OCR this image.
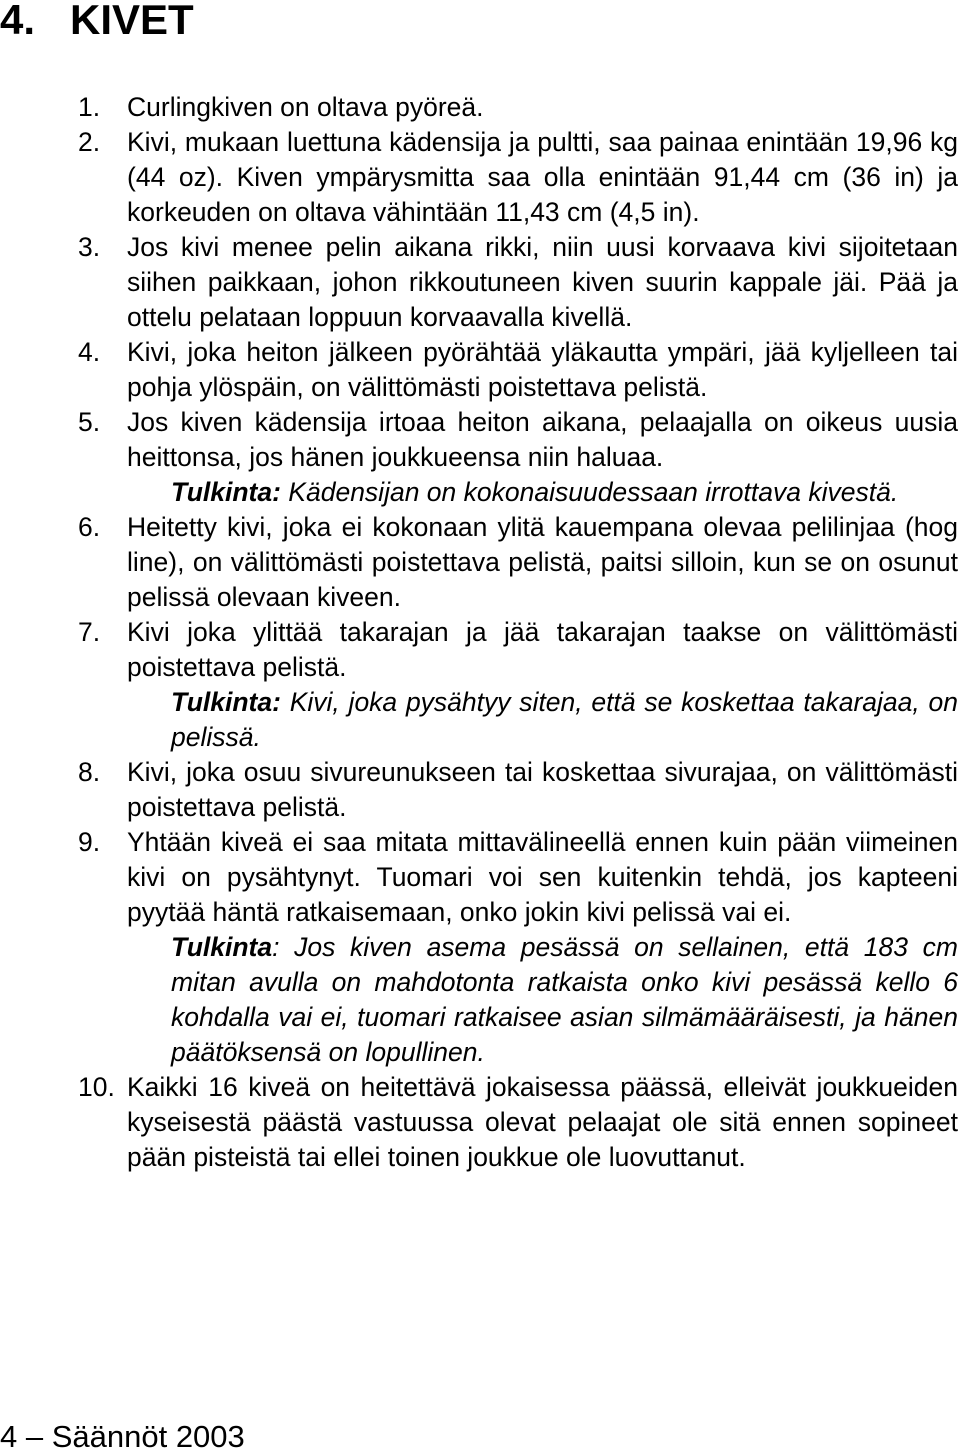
4.   KIVET
1. Curlingkiven on oltava pyöreä.

2. Kivi, mukaan luettuna kädensija ja pultti, saa painaa enintään 19,96 kg (44 oz). Kiven ympärysmitta saa olla enintään 91,44 cm (36 in) ja korkeuden on oltava vähintään 11,43 cm (4,5 in).

3. Jos kivi menee pelin aikana rikki, niin uusi korvaava kivi sijoitetaan siihen paikkaan, johon rikkoutuneen kiven suurin kappale jäi. Pää ja ottelu pelataan loppuun korvaavalla kivellä.

4. Kivi, joka heiton jälkeen pyörähtää yläkautta ympäri, jää kyljelleen tai pohja ylöspäin, on välittömästi poistettava pelistä.

5. Jos kiven kädensija irtoaa heiton aikana, pelaajalla on oikeus uusia heittonsa, jos hänen joukkueensa niin haluaa.

Tulkinta: Kädensijan on kokonaisuudessaan irrottava kivestä.

6. Heitetty kivi, joka ei kokonaan ylitä kauempana olevaa pelilinjaa (hog line), on välittömästi poistettava pelistä, paitsi silloin, kun se on osunut pelissä olevaan kiveen.

7. Kivi joka ylittää takarajan ja jää takarajan taakse on välittömästi poistettava pelistä.

Tulkinta: Kivi, joka pysähtyy siten, että se koskettaa takarajaa, on pelissä.

8. Kivi, joka osuu sivureunukseen tai koskettaa sivurajaa, on välittömästi poistettava pelistä.

9. Yhtään kiveä ei saa mitata mittavälineellä ennen kuin pään viimeinen kivi on pysähtynyt. Tuomari voi sen kuitenkin tehdä, jos kapteeni pyytää häntä ratkaisemaan, onko jokin kivi pelissä vai ei.

Tulkinta: Jos kiven asema pesässä on sellainen, että 183 cm mitan avulla on mahdotonta ratkaista onko kivi pesässä kello 6 kohdalla vai ei, tuomari ratkaisee asian silmämääräisesti, ja hänen päätöksensä on lopullinen.

10. Kaikki 16 kiveä on heitettävä jokaisessa päässä, elleivät joukkueiden kyseisestä päästä vastuussa olevat pelaajat ole sitä ennen sopineet pään pisteistä tai ellei toinen joukkue ole luovuttanut.

4 – Säännöt 2003
